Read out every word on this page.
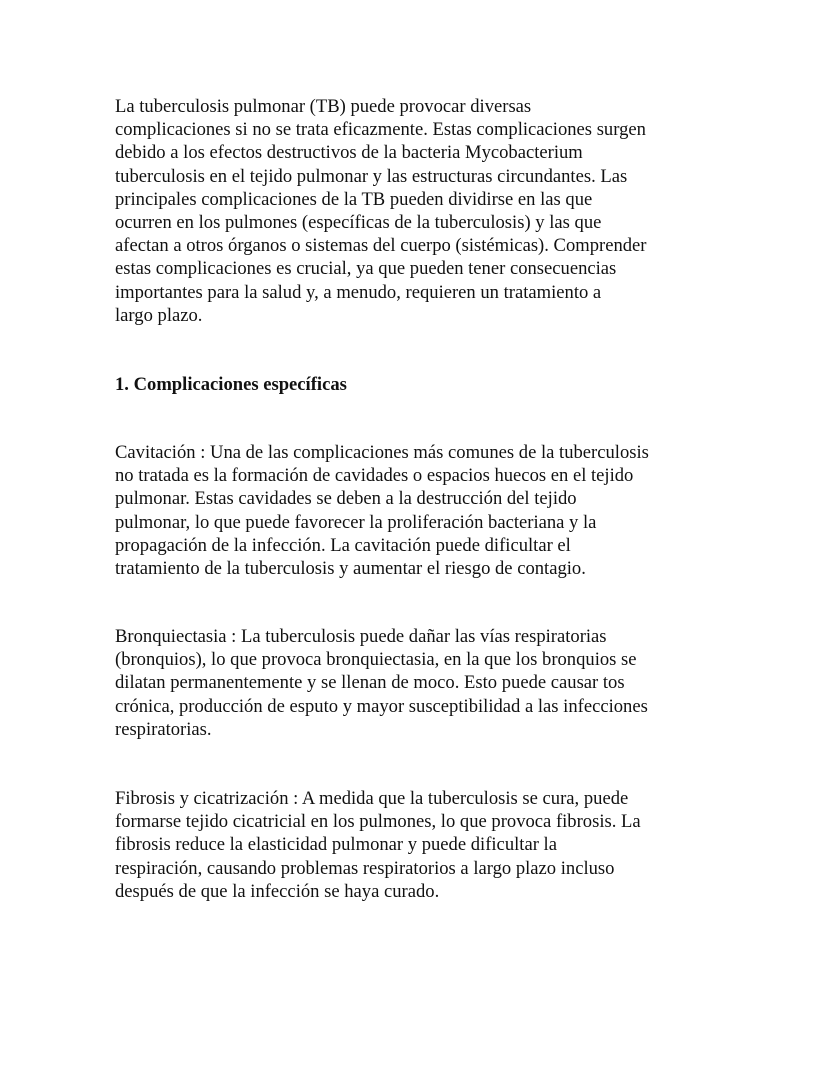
La tuberculosis pulmonar (TB) puede provocar diversas
complicaciones si no se trata eficazmente. Estas complicaciones surgen
debido a los efectos destructivos de la bacteria Mycobacterium
tuberculosis en el tejido pulmonar y las estructuras circundantes. Las
principales complicaciones de la TB pueden dividirse en las que
ocurren en los pulmones (específicas de la tuberculosis) y las que
afectan a otros órganos o sistemas del cuerpo (sistémicas). Comprender
estas complicaciones es crucial, ya que pueden tener consecuencias
importantes para la salud y, a menudo, requieren un tratamiento a
largo plazo.
1. Complicaciones específicas
Cavitación : Una de las complicaciones más comunes de la tuberculosis
no tratada es la formación de cavidades o espacios huecos en el tejido
pulmonar. Estas cavidades se deben a la destrucción del tejido
pulmonar, lo que puede favorecer la proliferación bacteriana y la
propagación de la infección. La cavitación puede dificultar el
tratamiento de la tuberculosis y aumentar el riesgo de contagio.
Bronquiectasia : La tuberculosis puede dañar las vías respiratorias
(bronquios), lo que provoca bronquiectasia, en la que los bronquios se
dilatan permanentemente y se llenan de moco. Esto puede causar tos
crónica, producción de esputo y mayor susceptibilidad a las infecciones
respiratorias.
Fibrosis y cicatrización : A medida que la tuberculosis se cura, puede
formarse tejido cicatricial en los pulmones, lo que provoca fibrosis. La
fibrosis reduce la elasticidad pulmonar y puede dificultar la
respiración, causando problemas respiratorios a largo plazo incluso
después de que la infección se haya curado.
